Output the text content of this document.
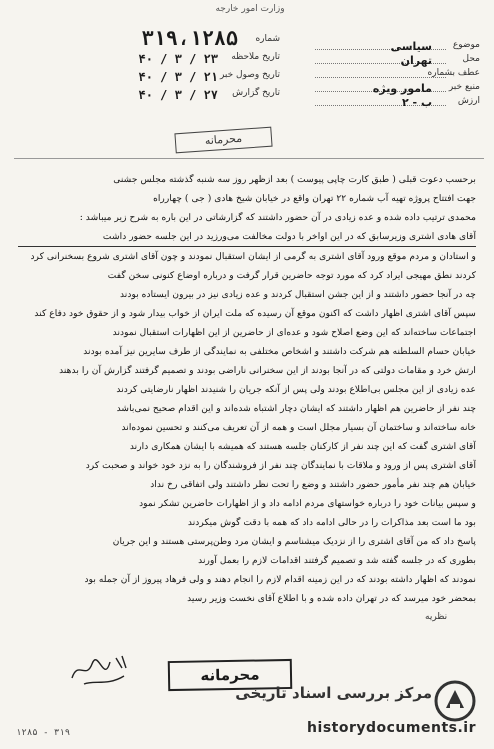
وزارت امور خارجه
شماره
۳۱۹،۱۲۸۵
تاریخ ملاحظه
۲۳ / ۳ / ۴۰
تاریخ وصول خبر
۲۱ / ۳ / ۴۰
تاریخ گزارش
۲۷ / ۳ / ۴۰
موضوع
سیاسی
محل
تهران
عطف بشماره
منبع خبر
مامور ویژه
ارزش
ب - ۲
محرمانه

برحسب دعوت قبلی ( طبق کارت چاپی پیوست ) بعد ازظهر روز سه شنبه گذشته مجلس جشنی

جهت افتتاح پروژه تهیه آب شماره ۲۲ تهران واقع در خیابان شیخ هادی ( جی ) چهارراه

محمدی ترتیب داده شده و عده زیادی در آن حضور داشتند که گزارشاتی در این باره به شرح زیر میباشد :

آقای هادی اشتری وزیرسابق که در این اواخر با دولت مخالفت می‌ورزید در این جلسه حضور داشت

و استادان و مردم موقع ورود آقای اشتری به گرمی از ایشان استقبال نمودند و چون آقای اشتری شروع بسخنرانی کرد

کردند نطق مهیجی ایراد کرد که مورد توجه حاضرین قرار گرفت و درباره اوضاع کنونی سخن گفت

چه در آنجا حضور داشتند و از این جشن استقبال کردند و عده زیادی نیز در بیرون ایستاده بودند

سپس آقای اشتری اظهار داشت که اکنون موقع آن رسیده که ملت ایران از خواب بیدار شود و از حقوق خود دفاع کند

اجتماعات ساخته‌اند که این وضع اصلاح شود و عده‌ای از حاضرین از این اظهارات استقبال نمودند

خیابان حسام السلطنه هم شرکت داشتند و اشخاص مختلفی به نمایندگی از طرف سایرین نیز آمده بودند

ارتش خرد و مقامات دولتی که در آنجا بودند از این سخنرانی ناراضی بودند و تصمیم گرفتند گزارش آن را بدهند

عده زیادی از این مجلس بی‌اطلاع بودند ولی پس از آنکه جریان را شنیدند اظهار نارضایتی کردند

چند نفر از حاضرین هم اظهار داشتند که ایشان دچار اشتباه شده‌اند و این اقدام صحیح نمی‌باشد

خانه ساخته‌اند و ساختمان آن بسیار مجلل است و همه از آن تعریف می‌کنند و تحسین نموده‌اند

آقای اشتری گفت که این چند نفر از کارکنان جلسه هستند که همیشه با ایشان همکاری دارند

آقای اشتری پس از ورود و ملاقات با نمایندگان چند نفر از فروشندگان را به نزد خود خواند و صحبت کرد

خیابان هم چند نفر مأمور حضور داشتند و وضع را تحت نظر داشتند ولی اتفاقی رخ نداد

و سپس بیانات خود را درباره خواستهای مردم ادامه داد و از اظهارات حاضرین تشکر نمود

بود ما است بعد مذاکرات را در حالی ادامه داد که همه با دقت گوش میکردند

پاسخ داد که من آقای اشتری را از نزدیک میشناسم و ایشان مرد وطن‌پرستی هستند و این جریان

بطوری که در جلسه گفته شد و تصمیم گرفتند اقدامات لازم را بعمل آورند

نمودند که اظهار داشته بودند که در این زمینه اقدام لازم را انجام دهند و ولی فرهاد پیروز از آن جمله بود

بمحضر خود میرسد که در تهران داده شده و با اطلاع آقای نخست وزیر رسید

نظریه
محرمانه
مرکز بررسی اسناد تاریخی
historydocuments.ir
۱۲۸۵ - ۳۱۹
